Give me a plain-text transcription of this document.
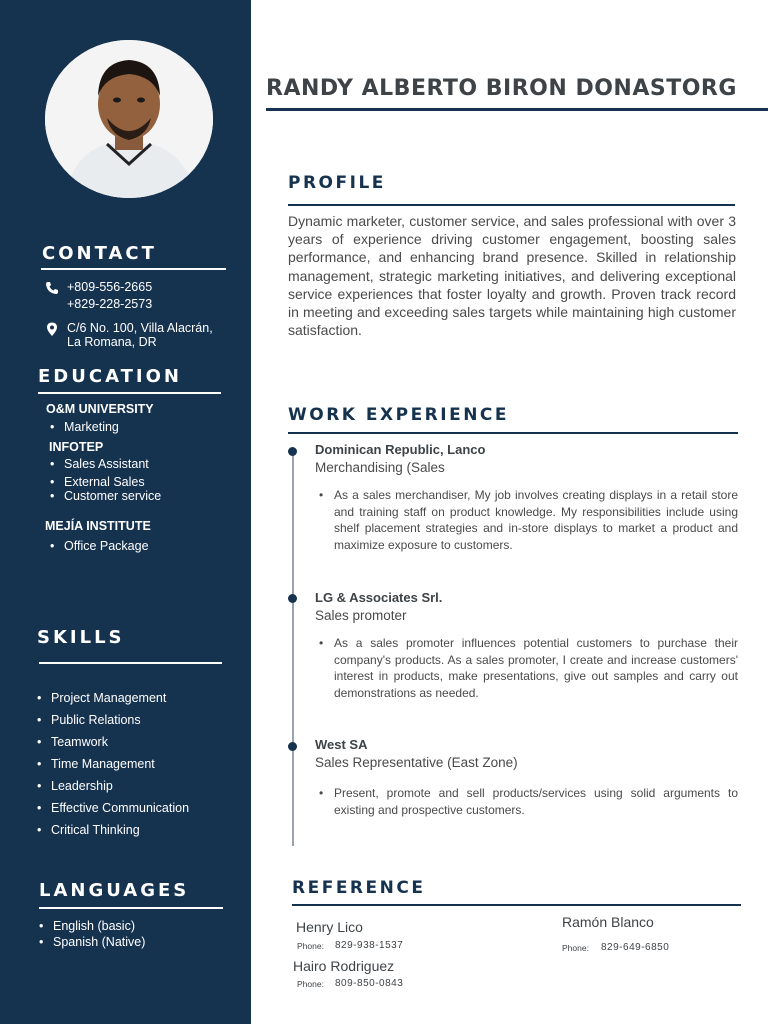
CONTACT
+809-556-2665
+829-228-2573
C/6 No. 100, Villa Alacrán,
La Romana, DR
EDUCATION
O&M UNIVERSITY
• Marketing
INFOTEP
• Sales Assistant
• External Sales
• Customer service
MEJÍA INSTITUTE
• Office Package
SKILLS
• Project Management
• Public Relations
• Teamwork
• Time Management
• Leadership
• Effective Communication
• Critical Thinking
LANGUAGES
• English (basic)
• Spanish (Native)
RANDY ALBERTO BIRON DONASTORG
PROFILE
Dynamic marketer, customer service, and sales professional with over 3 years of experience driving customer engagement, boosting sales performance, and enhancing brand presence. Skilled in relationship management, strategic marketing initiatives, and delivering exceptional service experiences that foster loyalty and growth. Proven track record in meeting and exceeding sales targets while maintaining high customer satisfaction.
WORK EXPERIENCE
Dominican Republic, Lanco
Merchandising (Sales
• As a sales merchandiser, My job involves creating displays in a retail store and training staff on product knowledge. My responsibilities include using shelf placement strategies and in-store displays to market a product and maximize exposure to customers.
LG & Associates Srl.
Sales promoter
• As a sales promoter influences potential customers to purchase their company's products. As a sales promoter, I create and increase customers' interest in products, make presentations, give out samples and carry out demonstrations as needed.
West SA
Sales Representative (East Zone)
• Present, promote and sell products/services using solid arguments to existing and prospective customers.
REFERENCE
Henry Lico
Phone: 829-938-1537
Hairo Rodriguez
Phone: 809-850-0843
Ramón Blanco
Phone: 829-649-6850
